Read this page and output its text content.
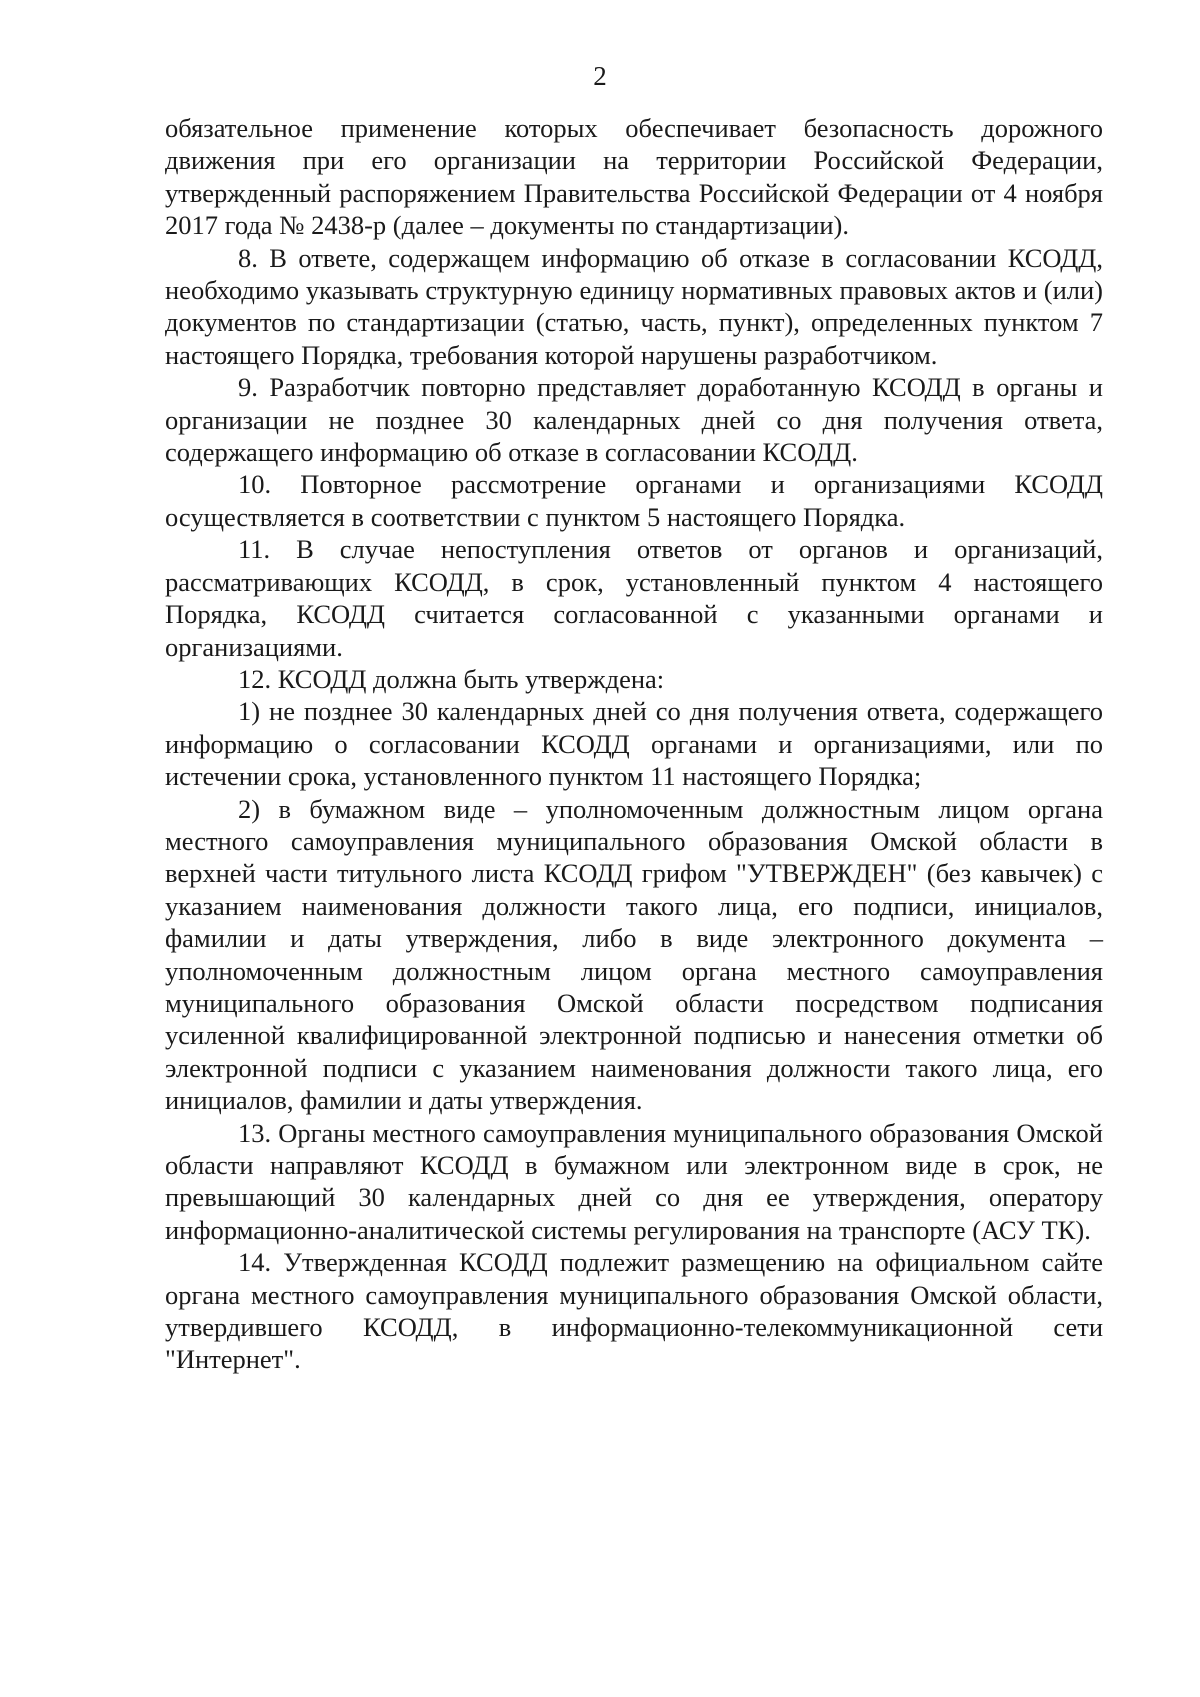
2

обязательное применение которых обеспечивает безопасность дорожного движения при его организации на территории Российской Федерации, утвержденный распоряжением Правительства Российской Федерации от 4 ноября 2017 года № 2438-р (далее – документы по стандартизации).

8. В ответе, содержащем информацию об отказе в согласовании КСОДД, необходимо указывать структурную единицу нормативных правовых актов и (или) документов по стандартизации (статью, часть, пункт), определенных пунктом 7 настоящего Порядка, требования которой нарушены разработчиком.

9. Разработчик повторно представляет доработанную КСОДД в органы и организации не позднее 30 календарных дней со дня получения ответа, содержащего информацию об отказе в согласовании КСОДД.

10. Повторное рассмотрение органами и организациями КСОДД осуществляется в соответствии с пунктом 5 настоящего Порядка.

11. В случае непоступления ответов от органов и организаций, рассматривающих КСОДД, в срок, установленный пунктом 4 настоящего Порядка, КСОДД считается согласованной с указанными органами и организациями.

12. КСОДД должна быть утверждена:

1) не позднее 30 календарных дней со дня получения ответа, содержащего информацию о согласовании КСОДД органами и организациями, или по истечении срока, установленного пунктом 11 настоящего Порядка;

2) в бумажном виде – уполномоченным должностным лицом органа местного самоуправления муниципального образования Омской области в верхней части титульного листа КСОДД грифом "УТВЕРЖДЕН" (без кавычек) с указанием наименования должности такого лица, его подписи, инициалов, фамилии и даты утверждения, либо в виде электронного документа – уполномоченным должностным лицом органа местного самоуправления муниципального образования Омской области посредством подписания усиленной квалифицированной электронной подписью и нанесения отметки об электронной подписи с указанием наименования должности такого лица, его инициалов, фамилии и даты утверждения.

13. Органы местного самоуправления муниципального образования Омской области направляют КСОДД в бумажном или электронном виде в срок, не превышающий 30 календарных дней со дня ее утверждения, оператору информационно-аналитической системы регулирования на транспорте (АСУ ТК).

14. Утвержденная КСОДД подлежит размещению на официальном сайте органа местного самоуправления муниципального образования Омской области, утвердившего КСОДД, в информационно-телекоммуникационной сети "Интернет".
